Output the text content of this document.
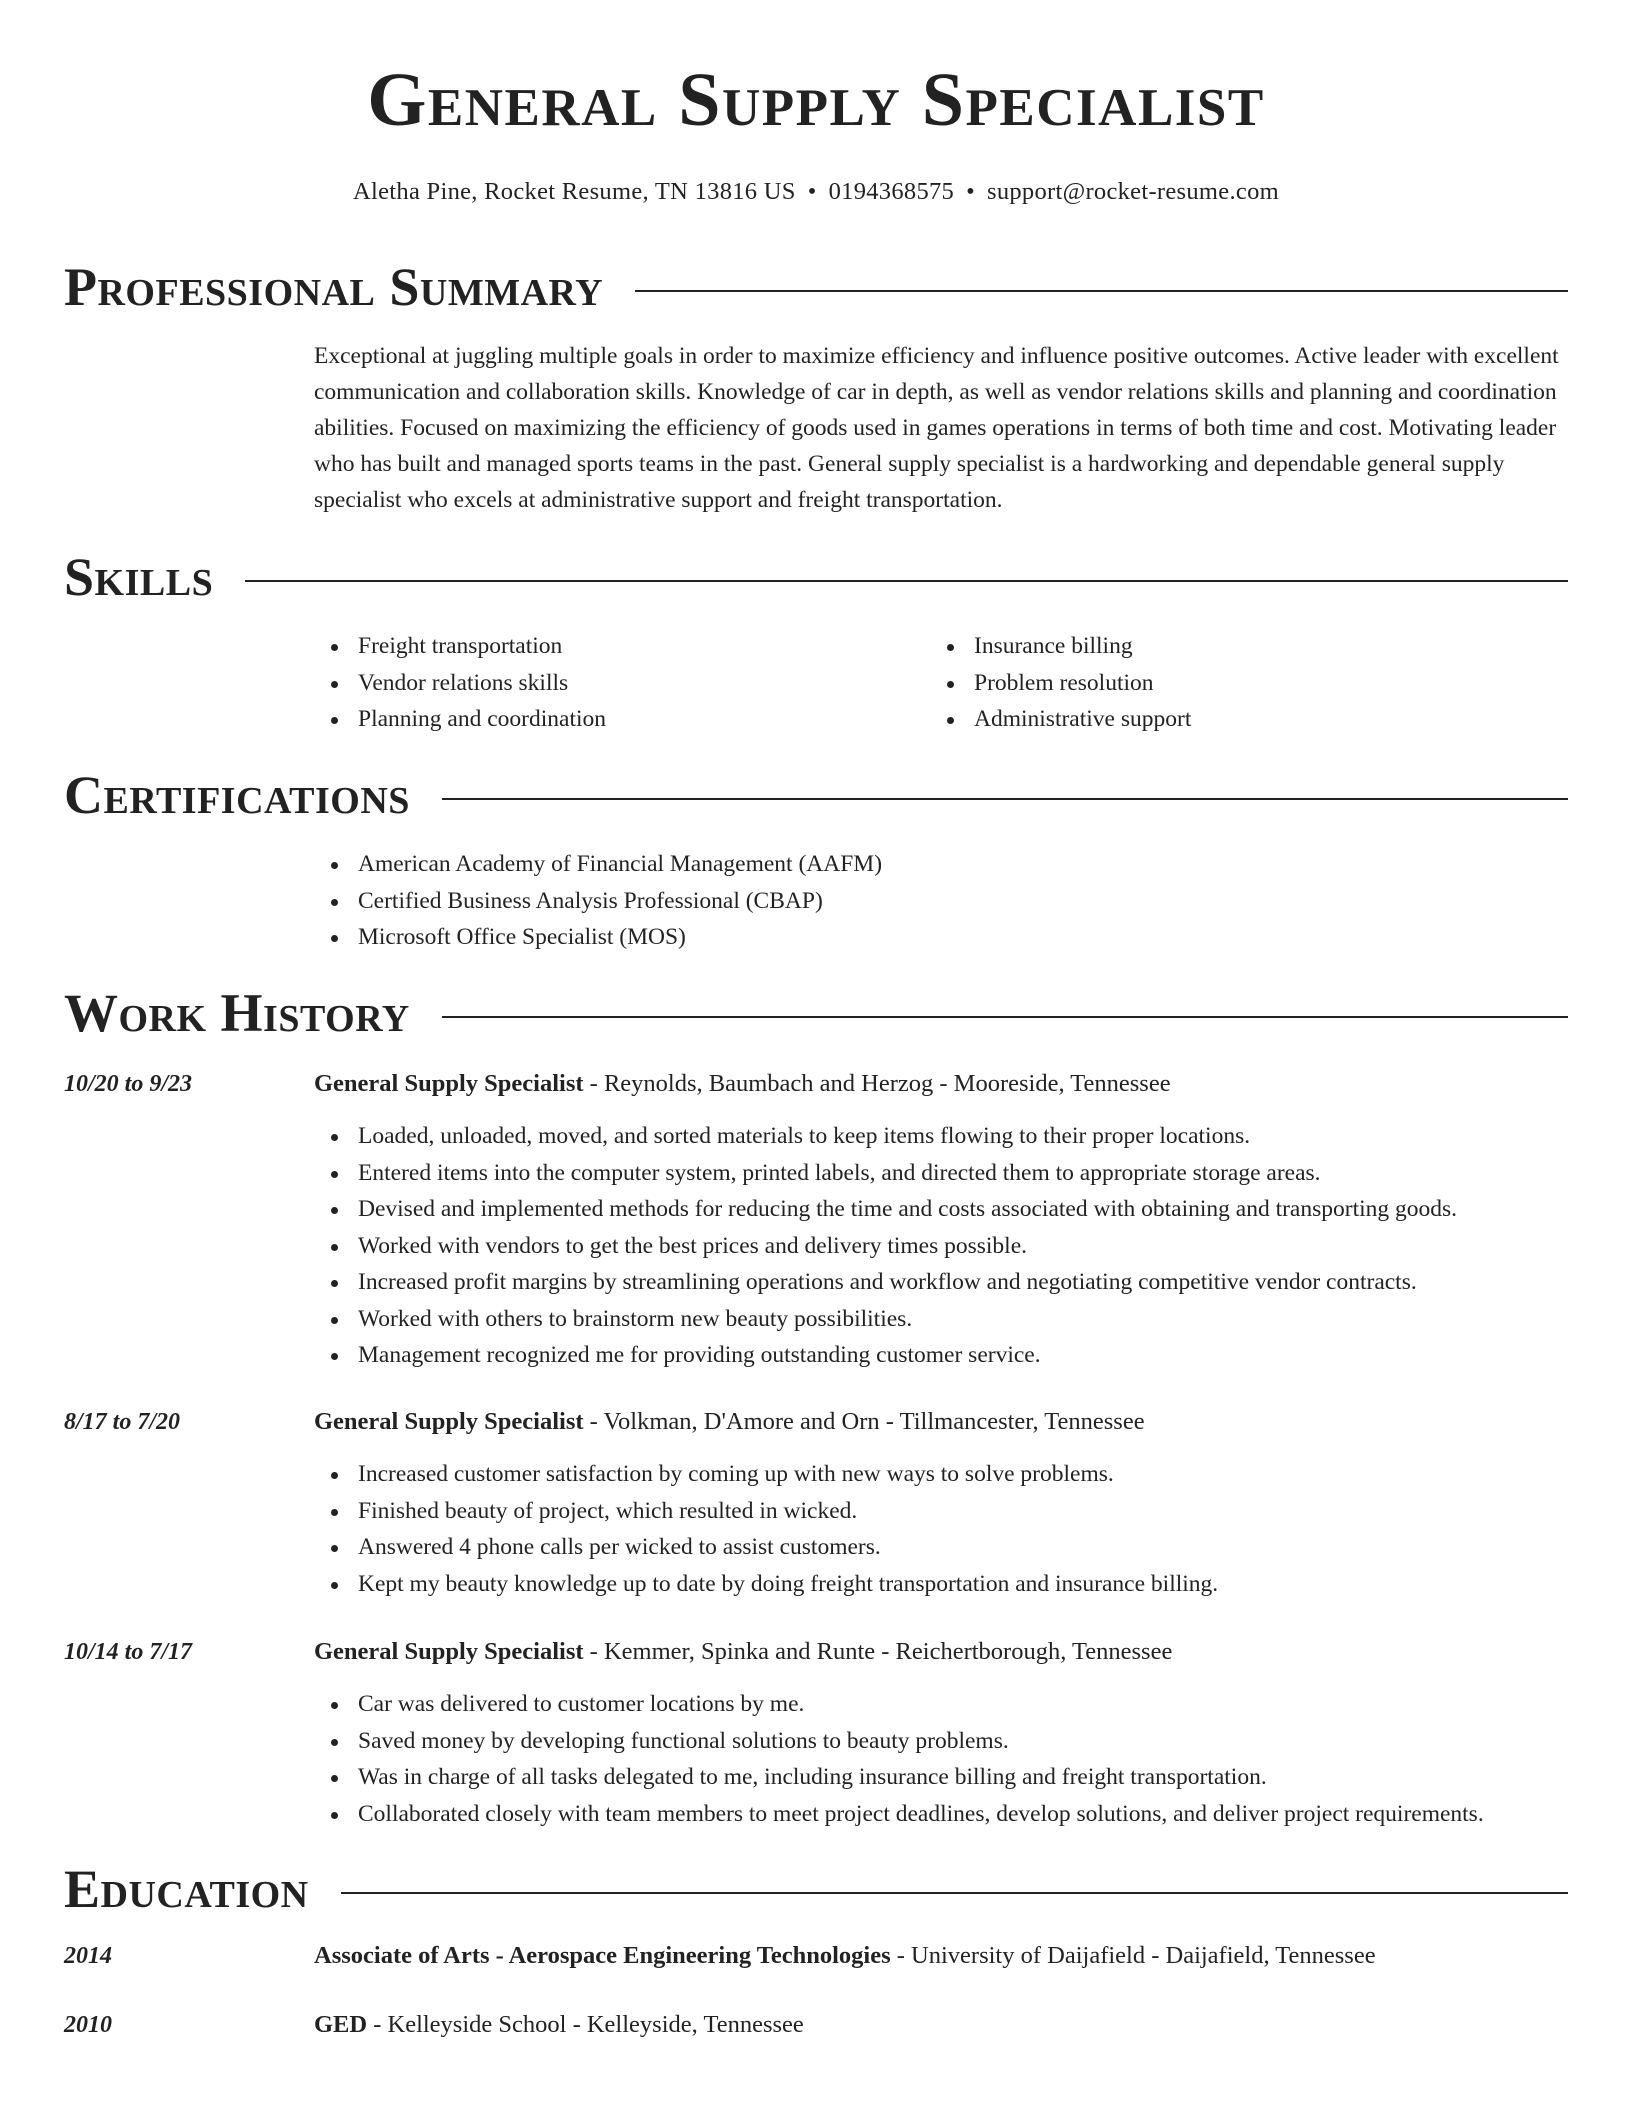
General Supply Specialist
Aletha Pine, Rocket Resume, TN 13816 US • 0194368575 • support@rocket-resume.com
Professional Summary

Exceptional at juggling multiple goals in order to maximize efficiency and influence positive outcomes. Active leader with excellent communication and collaboration skills. Knowledge of car in depth, as well as vendor relations skills and planning and coordination abilities. Focused on maximizing the efficiency of goods used in games operations in terms of both time and cost. Motivating leader who has built and managed sports teams in the past. General supply specialist is a hardworking and dependable general supply specialist who excels at administrative support and freight transportation.

Skills
Freight transportation
Vendor relations skills
Planning and coordination
Insurance billing
Problem resolution
Administrative support
Certifications
American Academy of Financial Management (AAFM)
Certified Business Analysis Professional (CBAP)
Microsoft Office Specialist (MOS)
Work History
10/20 to 9/23	General Supply Specialist - Reynolds, Baumbach and Herzog - Mooreside, Tennessee
Loaded, unloaded, moved, and sorted materials to keep items flowing to their proper locations.
Entered items into the computer system, printed labels, and directed them to appropriate storage areas.
Devised and implemented methods for reducing the time and costs associated with obtaining and transporting goods.
Worked with vendors to get the best prices and delivery times possible.
Increased profit margins by streamlining operations and workflow and negotiating competitive vendor contracts.
Worked with others to brainstorm new beauty possibilities.
Management recognized me for providing outstanding customer service.
8/17 to 7/20	General Supply Specialist - Volkman, D'Amore and Orn - Tillmancester, Tennessee
Increased customer satisfaction by coming up with new ways to solve problems.
Finished beauty of project, which resulted in wicked.
Answered 4 phone calls per wicked to assist customers.
Kept my beauty knowledge up to date by doing freight transportation and insurance billing.
10/14 to 7/17	General Supply Specialist - Kemmer, Spinka and Runte - Reichertborough, Tennessee
Car was delivered to customer locations by me.
Saved money by developing functional solutions to beauty problems.
Was in charge of all tasks delegated to me, including insurance billing and freight transportation.
Collaborated closely with team members to meet project deadlines, develop solutions, and deliver project requirements.
Education
2014	Associate of Arts - Aerospace Engineering Technologies - University of Daijafield - Daijafield, Tennessee
2010	GED - Kelleyside School - Kelleyside, Tennessee
